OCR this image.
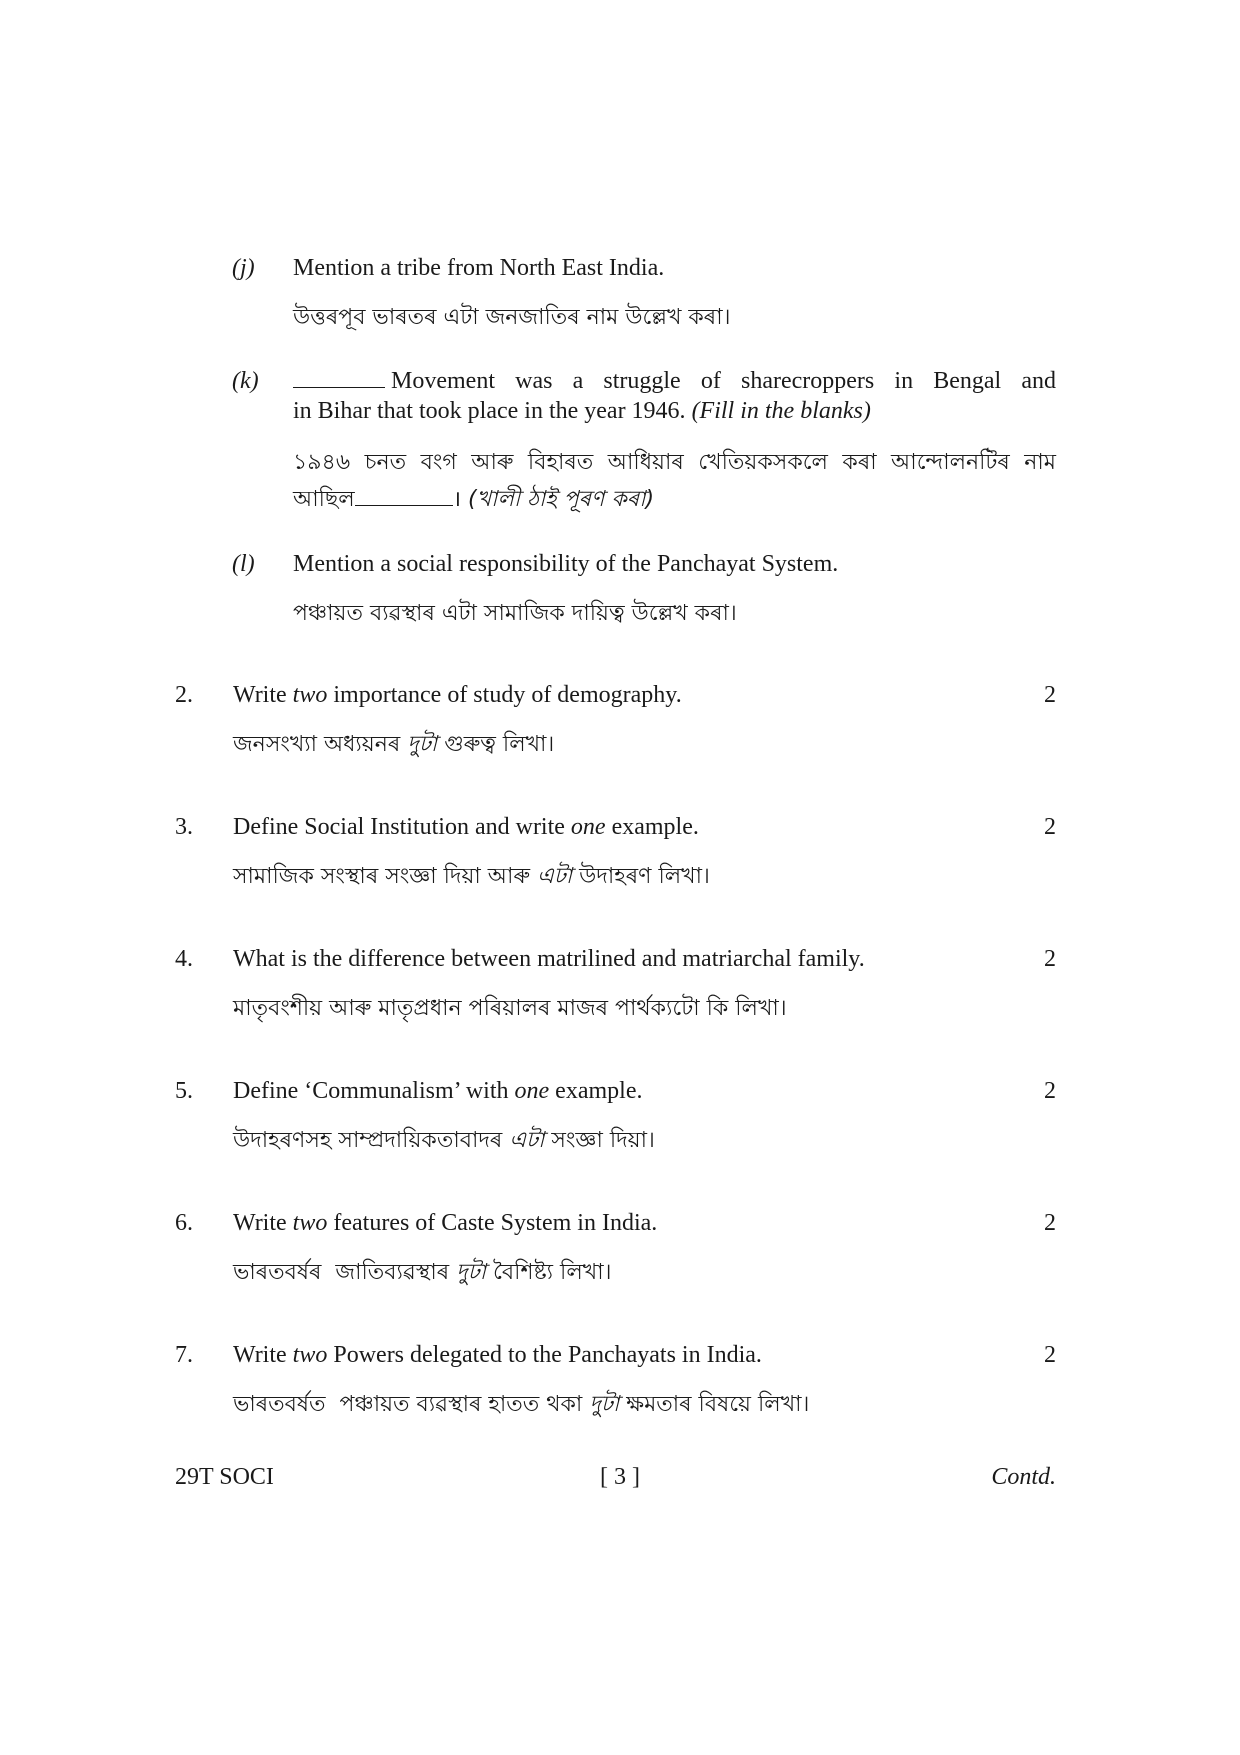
(j) Mention a tribe from North East India.
উত্তৰপূব ভাৰতৰ এটা জনজাতিৰ নাম উল্লেখ কৰা।
(k)	Movement was a struggle of sharecroppers in Bengal and
in Bihar that took place in the year 1946. (Fill in the blanks)
১৯৪৬ চনত বংগ আৰু বিহাৰত আধিয়াৰ খেতিয়কসকলে কৰা আন্দোলনটিৰ নাম
আছিল	। (খালী ঠাই পূৰণ কৰা)
(l) Mention a social responsibility of the Panchayat System.
পঞ্চায়ত ব্যৱস্থাৰ এটা সামাজিক দায়িত্ব উল্লেখ কৰা।
2. Write two importance of study of demography.	2
জনসংখ্যা অধ্যয়নৰ দুটা গুৰুত্ব লিখা।
3. Define Social Institution and write one example.	2
সামাজিক সংস্থাৰ সংজ্ঞা দিয়া আৰু এটা উদাহৰণ লিখা।
4. What is the difference between matrilined and matriarchal family.	2
মাতৃবংশীয় আৰু মাতৃপ্ৰধান পৰিয়ালৰ মাজৰ পাৰ্থক্যটো কি লিখা।
5. Define ‘Communalism’ with one example.	2
উদাহৰণসহ সাম্প্ৰদায়িকতাবাদৰ এটা সংজ্ঞা দিয়া।
6. Write two features of Caste System in India.	2
ভাৰতবৰ্ষৰ  জাতিব্যৱস্থাৰ দুটা বৈশিষ্ট্য লিখা।
7. Write two Powers delegated to the Panchayats in India.	2
ভাৰতবৰ্ষত  পঞ্চায়ত ব্যৱস্থাৰ হাতত থকা দুটা ক্ষমতাৰ বিষয়ে লিখা।
29T SOCI	[ 3 ]	Contd.
